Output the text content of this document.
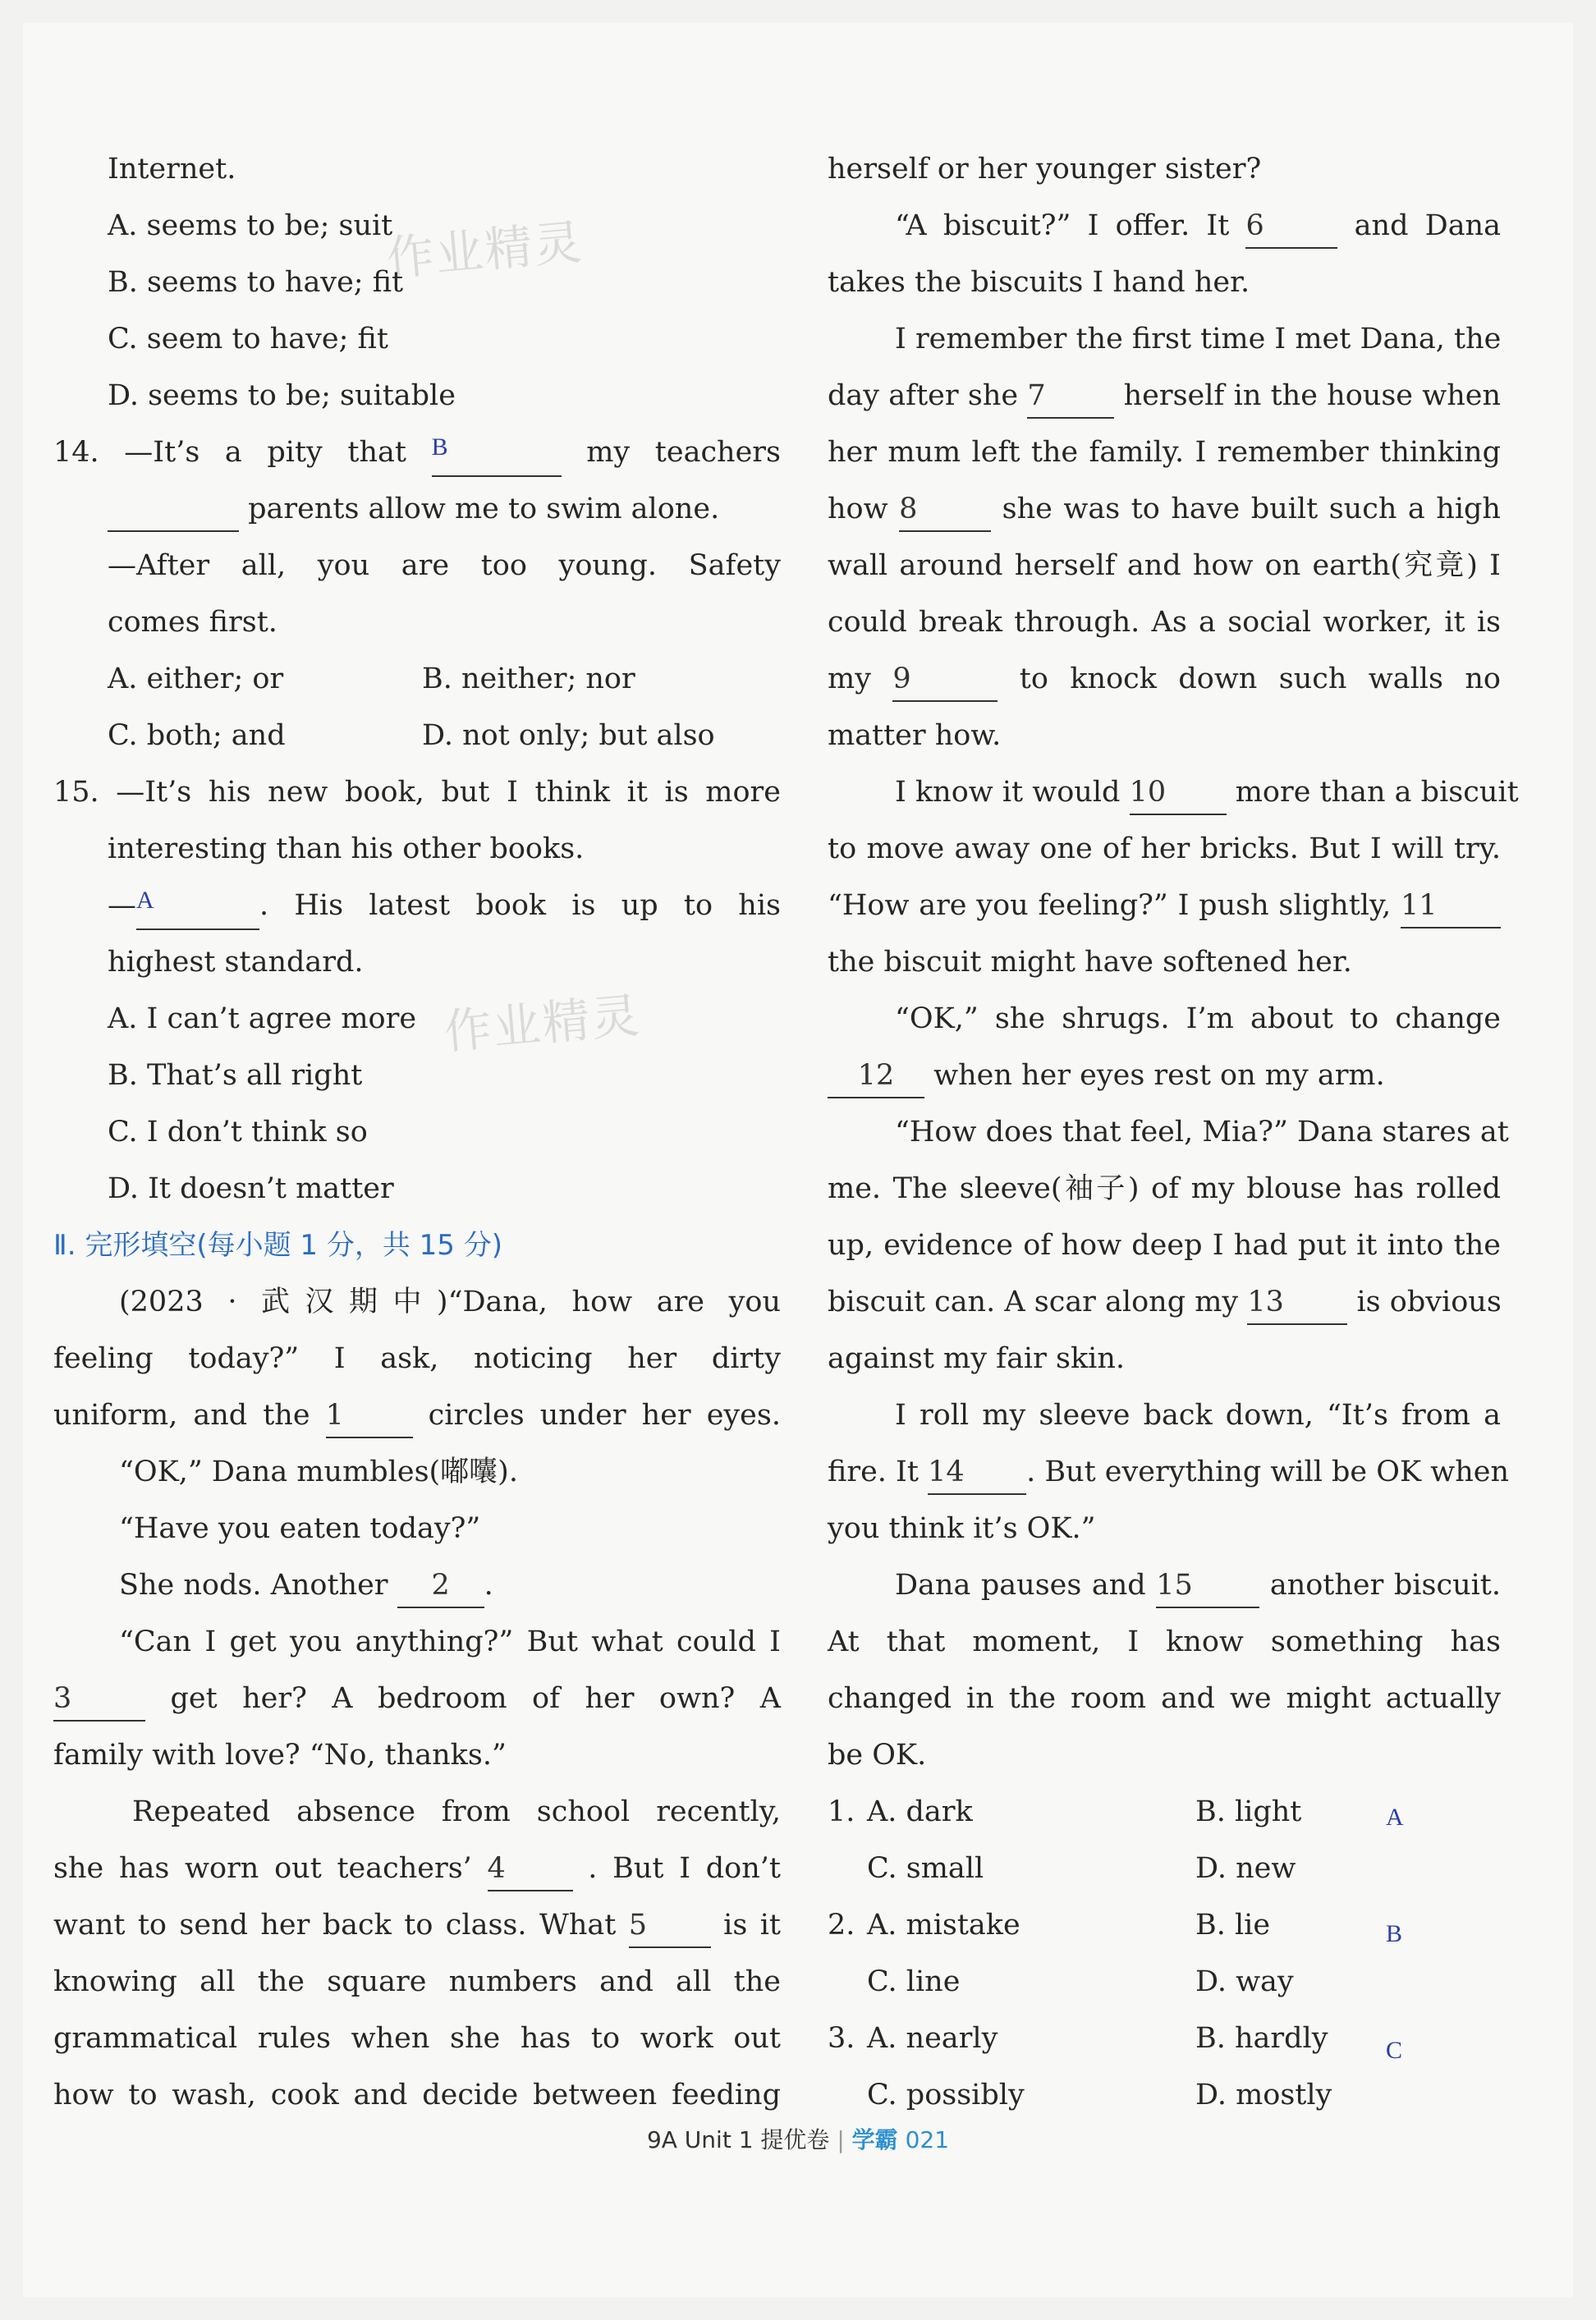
作业精灵
作业精灵
Internet.
A. seems to be; suit
B. seems to have; fit
C. seem to have; fit
D. seems to be; suitable
14. —It’s a pity that B	my teachers
parents allow me to swim alone.
—After all, you are too young. Safety
comes first.
A. either; or	B. neither; nor
C. both; and	D. not only; but also
15. —It’s his new book, but I think it is more
interesting than his other books.
—A	. His latest book is up to his
highest standard.
A. I can’t agree more
B. That’s all right
C. I don’t think so
D. It doesn’t matter
Ⅱ. 完形填空(每小题 1 分，共 15 分)
(2023 · 武汉期中)“Dana, how are you
feeling today?” I ask, noticing her dirty
uniform, and the 1	circles under her eyes.
“OK,” Dana mumbles(嘟囔).
“Have you eaten today?”
She nods. Another 2 .
“Can I get you anything?” But what could I
3	get her? A bedroom of her own? A
family with love? “No, thanks.”
Repeated absence from school recently,
she has worn out teachers’ 4	. But I don’t
want to send her back to class. What 5	is it
knowing all the square numbers and all the
grammatical rules when she has to work out
how to wash, cook and decide between feeding
herself or her younger sister?
“A biscuit?” I offer. It 6	and Dana
takes the biscuits I hand her.
I remember the first time I met Dana, the
day after she 7	herself in the house when
her mum left the family. I remember thinking
how 8	she was to have built such a high
wall around herself and how on earth(究竟) I
could break through. As a social worker, it is
my 9	to knock down such walls no
matter how.
I know it would 10 more than a biscuit
to move away one of her bricks. But I will try.
“How are you feeling?” I push slightly, 11
the biscuit might have softened her.
“OK,” she shrugs. I’m about to change
12 when her eyes rest on my arm.
“How does that feel, Mia?” Dana stares at
me. The sleeve(袖子) of my blouse has rolled
up, evidence of how deep I had put it into the
biscuit can. A scar along my 13	is obvious
against my fair skin.
I roll my sleeve back down, “It’s from a
fire. It 14 . But everything will be OK when
you think it’s OK.”
Dana pauses and 15	another biscuit.
At that moment, I know something has
changed in the room and we might actually
be OK.
1. A. dark	B. light	A
C. small	D. new
2. A. mistake	B. lie	B
C. line	D. way
3. A. nearly	B. hardly C
C. possibly	D. mostly
9A Unit 1 提优卷 | 学霸 021
